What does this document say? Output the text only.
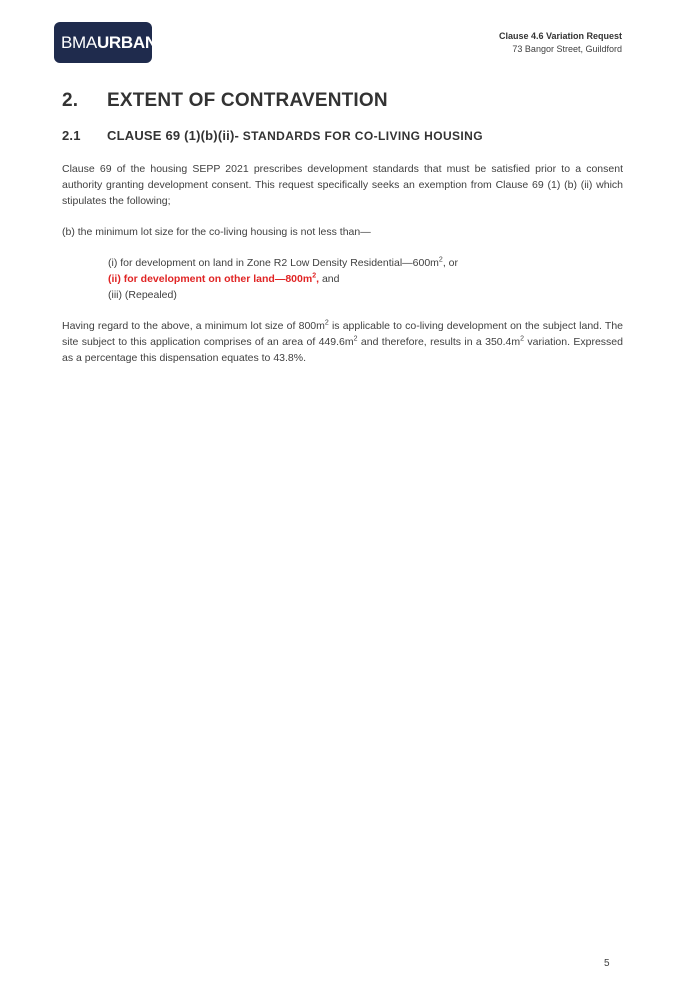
BMA URBAN	Clause 4.6 Variation Request
73 Bangor Street, Guildford
2.	EXTENT OF CONTRAVENTION
2.1	CLAUSE 69 (1)(b)(ii)- STANDARDS FOR CO-LIVING HOUSING
Clause 69 of the housing SEPP 2021 prescribes development standards that must be satisfied prior to a consent authority granting development consent. This request specifically seeks an exemption from Clause 69 (1) (b) (ii) which stipulates the following;
(b) the minimum lot size for the co-living housing is not less than—
(i) for development on land in Zone R2 Low Density $Residential—600m^2$, or
(ii) for development on other $land—800m^2$, and
(iii) (Repealed)
Having regard to the above, a minimum lot size of $800m^2$ is applicable to co-living development on the subject land. The site subject to this application comprises of an area of $449.6m^2$ and therefore, results in a $350.4m^2$ variation. Expressed as a percentage this dispensation equates to 43.8%.
5
